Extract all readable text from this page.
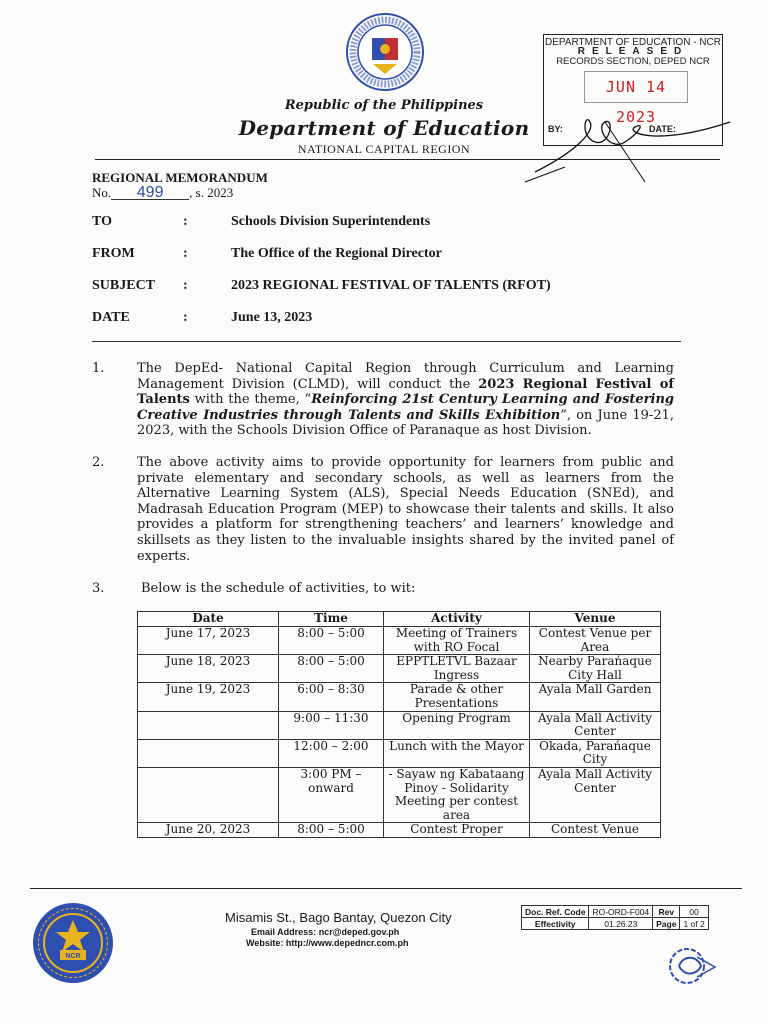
Republic of the Philippines
Department of Education
NATIONAL CAPITAL REGION
DEPARTMENT OF EDUCATION - NCR
RELEASED
RECORDS SECTION, DEPED NCR
JUN 14 2023
BY:	DATE:
REGIONAL MEMORANDUM
No. 499 , s. 2023
TO	:	Schools Division Superintendents
FROM	:	The Office of the Regional Director
SUBJECT :	2023 REGIONAL FESTIVAL OF TALENTS (RFOT)
DATE	:	June 13, 2023
1.	The DepEd- National Capital Region through Curriculum and Learning Management Division (CLMD), will conduct the 2023 Regional Festival of Talents with the theme, “Reinforcing 21st Century Learning and Fostering Creative Industries through Talents and Skills Exhibition”, on June 19-21, 2023, with the Schools Division Office of Paranaque as host Division.
2.	The above activity aims to provide opportunity for learners from public and private elementary and secondary schools, as well as learners from the Alternative Learning System (ALS), Special Needs Education (SNEd), and Madrasah Education Program (MEP) to showcase their talents and skills. It also provides a platform for strengthening teachers’ and learners’ knowledge and skillsets as they listen to the invaluable insights shared by the invited panel of experts.
3.	Below is the schedule of activities, to wit:
Date	Time	Activity	Venue
June 17, 2023	8:00 – 5:00	Meeting of Trainers with RO Focal	Contest Venue per Area
June 18, 2023	8:00 – 5:00	EPPTLETVL Bazaar Ingress	Nearby Parańaque City Hall
June 19, 2023	6:00 – 8:30	Parade & other Presentations	Ayala Mall Garden
	9:00 – 11:30	Opening Program	Ayala Mall Activity Center
	12:00 – 2:00	Lunch with the Mayor	Okada, Parańaque City
	3:00 PM – onward	- Sayaw ng Kabataang Pinoy - Solidarity Meeting per contest area	Ayala Mall Activity Center
June 20, 2023	8:00 – 5:00	Contest Proper	Contest Venue
NCR
Misamis St., Bago Bantay, Quezon City
Email Address: ncr@deped.gov.ph
Website: http://www.depedncr.com.ph
Doc. Ref. Code	RO-ORD-F004	Rev	00
Effectivity	01.26.23	Page	1 of 2
